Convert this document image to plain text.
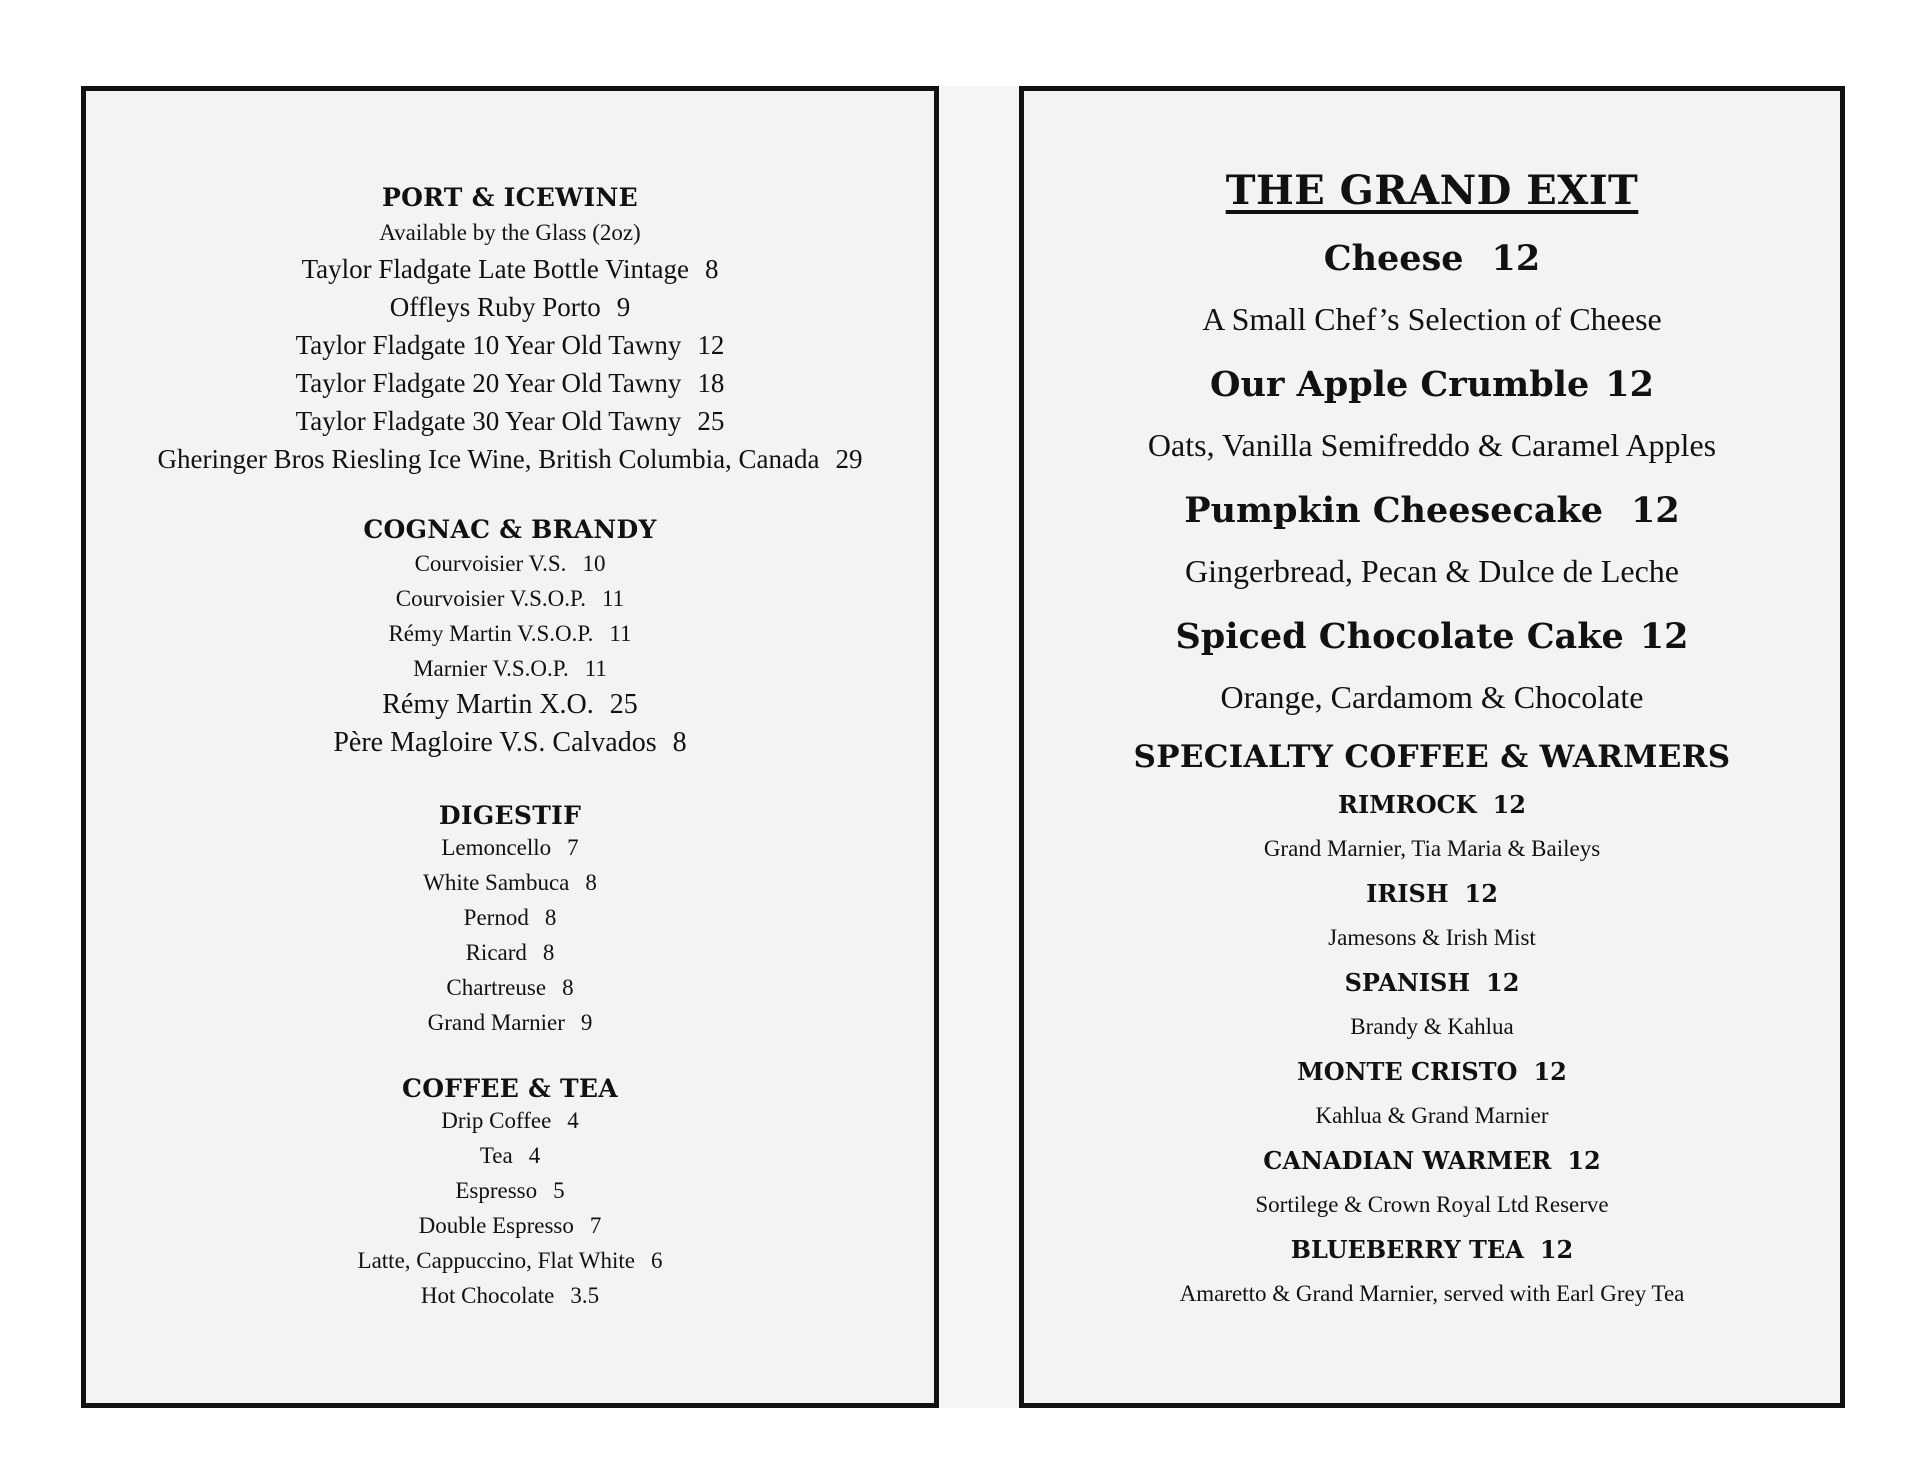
PORT & ICEWINE
Available by the Glass (2oz)
Taylor Fladgate Late Bottle Vintage 8
Offleys Ruby Porto 9
Taylor Fladgate 10 Year Old Tawny 12
Taylor Fladgate 20 Year Old Tawny 18
Taylor Fladgate 30 Year Old Tawny 25
Gheringer Bros Riesling Ice Wine, British Columbia, Canada 29
COGNAC & BRANDY
Courvoisier V.S. 10
Courvoisier V.S.O.P. 11
Rémy Martin V.S.O.P. 11
Marnier V.S.O.P. 11
Rémy Martin X.O. 25
Père Magloire V.S. Calvados 8
DIGESTIF
Lemoncello 7
White Sambuca 8
Pernod 8
Ricard 8
Chartreuse 8
Grand Marnier 9
COFFEE & TEA
Drip Coffee 4
Tea 4
Espresso 5
Double Espresso 7
Latte, Cappuccino, Flat White 6
Hot Chocolate 3.5
THE GRAND EXIT
Cheese 12
A Small Chef’s Selection of Cheese
Our Apple Crumble 12
Oats, Vanilla Semifreddo & Caramel Apples
Pumpkin Cheesecake 12
Gingerbread, Pecan & Dulce de Leche
Spiced Chocolate Cake 12
Orange, Cardamom & Chocolate
SPECIALTY COFFEE & WARMERS
RIMROCK 12
Grand Marnier, Tia Maria & Baileys
IRISH 12
Jamesons & Irish Mist
SPANISH 12
Brandy & Kahlua
MONTE CRISTO 12
Kahlua & Grand Marnier
CANADIAN WARMER 12
Sortilege & Crown Royal Ltd Reserve
BLUEBERRY TEA 12
Amaretto & Grand Marnier, served with Earl Grey Tea
